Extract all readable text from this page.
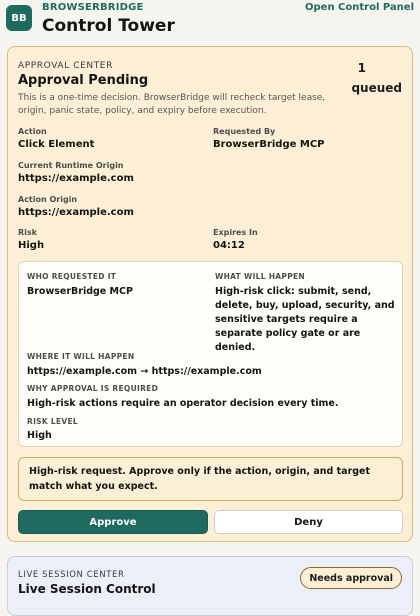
BB
BROWSERBRIDGE
Control Tower
Open Control Panel
APPROVAL CENTER
Approval Pending
1
queued
This is a one-time decision. BrowserBridge will recheck target lease, origin, panic state, policy, and expiry before execution.
Action
Click Element
Requested By
BrowserBridge MCP
Current Runtime Origin
https://example.com
Action Origin
https://example.com
Risk
High
Expires In
04:12
WHO REQUESTED IT
BrowserBridge MCP
WHAT WILL HAPPEN
High-risk click: submit, send, delete, buy, upload, security, and sensitive targets require a separate policy gate or are denied.
WHERE IT WILL HAPPEN
https://example.com → https://example.com
WHY APPROVAL IS REQUIRED
High-risk actions require an operator decision every time.
RISK LEVEL
High
High-risk request. Approve only if the action, origin, and target match what you expect.
Approve	Deny
LIVE SESSION CENTER
Live Session Control
Needs approval
